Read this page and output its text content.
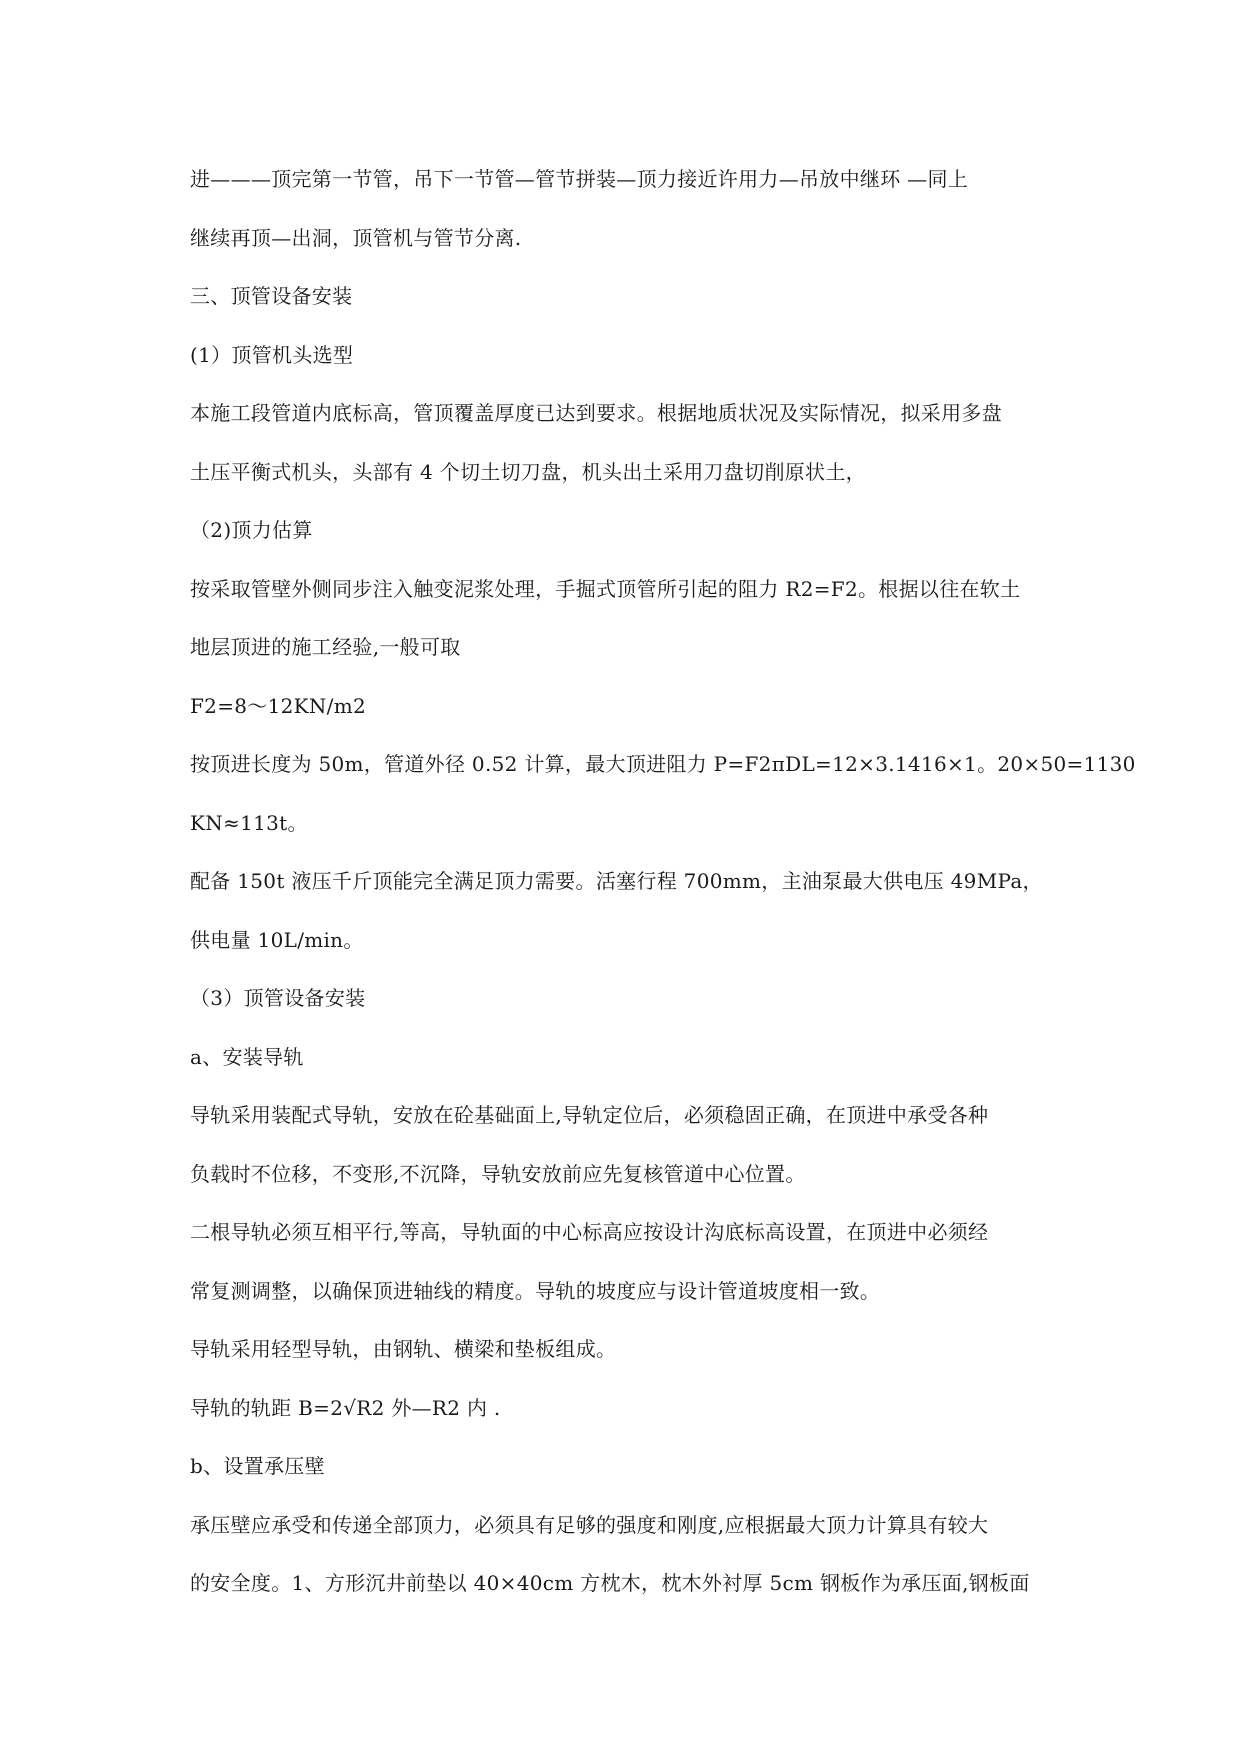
进———顶完第一节管，吊下一节管—管节拼装—顶力接近许用力—吊放中继环 —同上
继续再顶—出洞，顶管机与管节分离.
三、顶管设备安装
(1）顶管机头选型
本施工段管道内底标高，管顶覆盖厚度已达到要求。根据地质状况及实际情况，拟采用多盘
土压平衡式机头，头部有 4 个切土切刀盘，机头出土采用刀盘切削原状土，
（2)顶力估算
按采取管壁外侧同步注入触变泥浆处理，手掘式顶管所引起的阻力 R2=F2。根据以往在软土
地层顶进的施工经验,一般可取
F2=8～12KN/m2
按顶进长度为 50m，管道外径 0.52 计算，最大顶进阻力 P=F2πDL=12×3.1416×1。20×50=1130
KN≈113t。
配备 150t 液压千斤顶能完全满足顶力需要。活塞行程 700mm，主油泵最大供电压 49MPa，
供电量 10L/min。
（3）顶管设备安装
a、安装导轨
导轨采用装配式导轨，安放在砼基础面上,导轨定位后，必须稳固正确，在顶进中承受各种
负载时不位移，不变形,不沉降，导轨安放前应先复核管道中心位置。
二根导轨必须互相平行,等高，导轨面的中心标高应按设计沟底标高设置，在顶进中必须经
常复测调整，以确保顶进轴线的精度。导轨的坡度应与设计管道坡度相一致。
导轨采用轻型导轨，由钢轨、横梁和垫板组成。
导轨的轨距 B=2√R2 外—R2 内 .
b、设置承压壁
承压壁应承受和传递全部顶力，必须具有足够的强度和刚度,应根据最大顶力计算具有较大
的安全度。1、方形沉井前垫以 40×40cm 方枕木，枕木外衬厚 5cm 钢板作为承压面,钢板面
